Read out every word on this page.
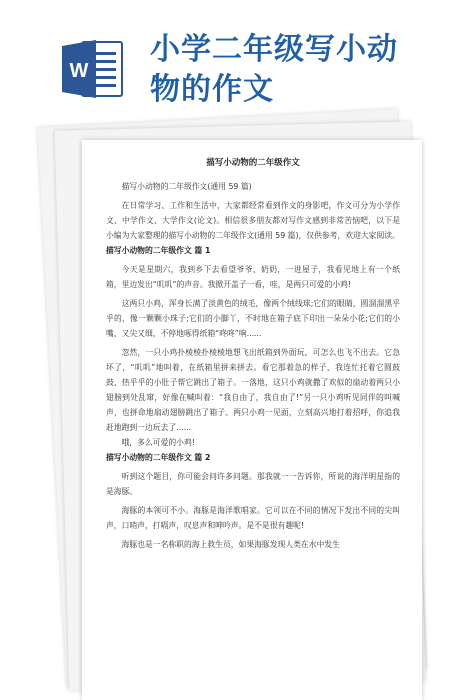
W
小学二年级写小动
物的作文

描写小动物的二年级作文

描写小动物的二年级作文(通用 59 篇)

在日常学习、工作和生活中，大家都经常看到作文的身影吧，作文可分为小学作文、中学作文、大学作文(论文)。相信很多朋友都对写作文感到非常苦恼吧，以下是小编为大家整理的描写小动物的二年级作文(通用 59 篇)，仅供参考，欢迎大家阅读。

描写小动物的二年级作文 篇 1

今天是星期六，我到乡下去看望爷爷、奶奶，一进屋子，我看见地上有一个纸箱，里边发出“叽叽”的声音。我掀开盖子一看，哇，是两只可爱的小鸡!

这两只小鸡，浑身长满了淡黄色的绒毛，像两个绒线球;它们的眼睛，圆溜溜黑乎乎的，像一颗颗小珠子;它们的小脚丫，不时地在箱子底下印出一朵朵小花;它们的小嘴，又尖又细，不停地啄得纸箱“咚咚”响......

忽然，一只小鸡扑棱棱扑棱棱地想飞出纸箱到外面玩，可怎么也飞不出去。它急坏了，“叽叽”地叫着，在纸箱里拼来拼去。看它那着急的样子，我连忙托着它圆鼓鼓、热乎乎的小肚子帮它跳出了箱子。一落地，这只小鸡就撒了欢似的扇动着两只小翅膀到处乱窜，好像在喊叫着：“我自由了，我自由了!”另一只小鸡听见同伴的叫喊声，也拼命地扇动翅膀跳出了箱子。两只小鸡一见面，立刻高兴地打着招呼，你追我赶地跑到一边玩去了......

哦，多么可爱的小鸡!

描写小动物的二年级作文 篇 2

听到这个题目，你可能会问许多问题。那我就一一告诉你，所说的海洋明星指的是海豚。

海豚的本领可不小。海豚是海洋歌唱家。它可以在不同的情况下发出不同的尖叫声，口哨声，打嗝声，叹息声和呻吟声。是不是很有趣呢!

海豚也是一名称职的海上救生员，如果海豚发现人类在水中发生
